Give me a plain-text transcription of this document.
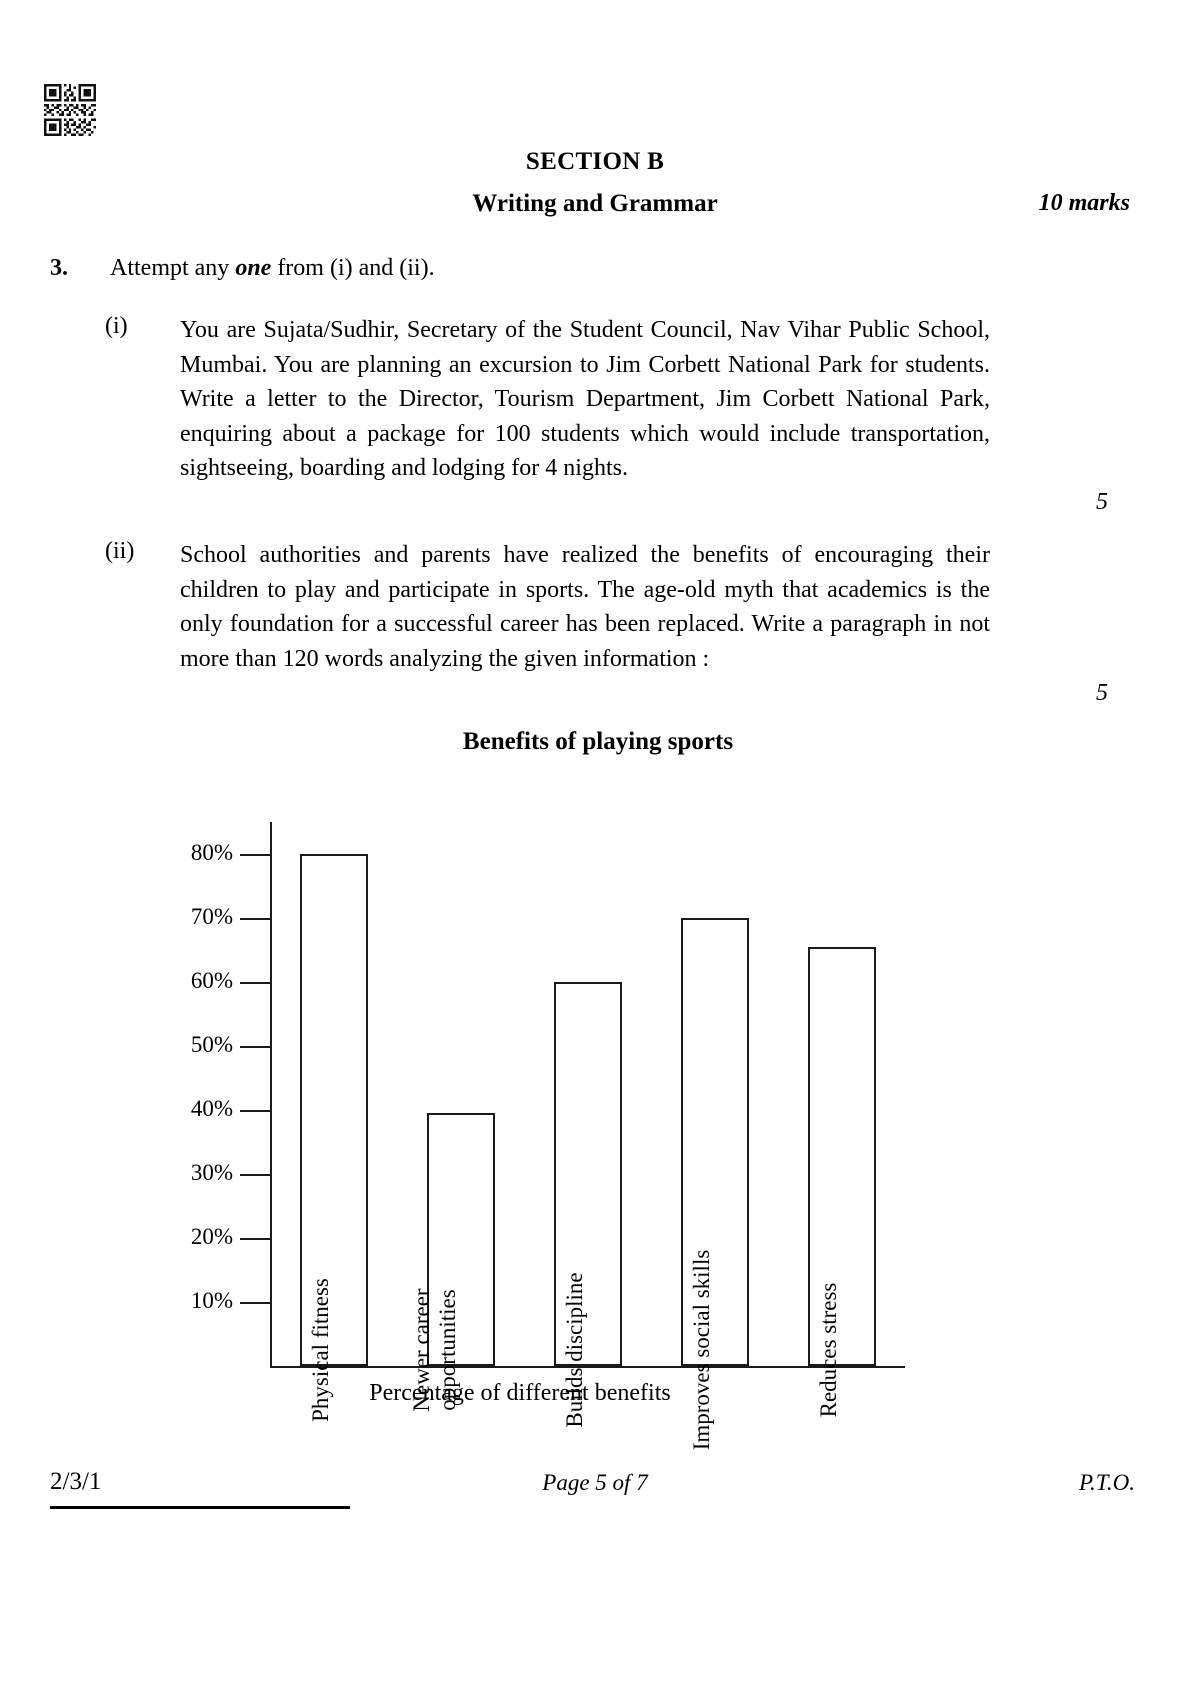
SECTION B
Writing and Grammar	10 marks
3. Attempt any one from (i) and (ii).
(i) You are Sujata/Sudhir, Secretary of the Student Council, Nav Vihar Public School, Mumbai. You are planning an excursion to Jim Corbett National Park for students. Write a letter to the Director, Tourism Department, Jim Corbett National Park, enquiring about a package for 100 students which would include transportation, sightseeing, boarding and lodging for 4 nights.
5
(ii) School authorities and parents have realized the benefits of encouraging their children to play and participate in sports. The age-old myth that academics is the only foundation for a successful career has been replaced. Write a paragraph in not more than 120 words analyzing the given information :
5
Benefits of playing sports
10%
20%
30%
40%
50%
60%
70%
80%
Physical fitness	Newer career opportunities	Builds discipline	Improves social skills	Reduces stress
Percentage of different benefits
2/3/1	Page 5 of 7	P.T.O.
